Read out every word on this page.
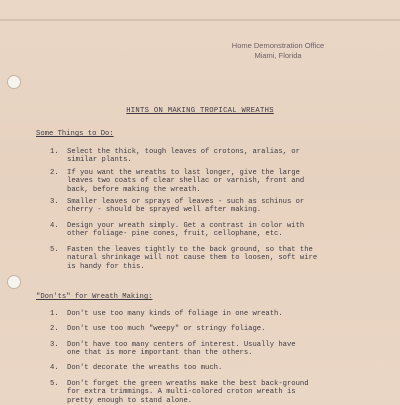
Home Demonstration Office
Miami, Florida
HINTS ON MAKING TROPICAL WREATHS
Some Things to Do:
1. Select the thick, tough leaves of crotons, aralias, or
similar plants.
2. If you want the wreaths to last longer, give the large
leaves two coats of clear shellac or varnish, front and
back, before making the wreath.
3. Smaller leaves or sprays of leaves - such as schinus or
cherry - should be sprayed well after making.
4. Design your wreath simply. Get a contrast in color with
other foliage- pine cones, fruit, cellophane, etc.
5. Fasten the leaves tightly to the back ground, so that the
natural shrinkage will not cause them to loosen, soft wire
is handy for this.
"Don'ts" for Wreath Making:
1. Don't use too many kinds of foliage in one wreath.
2. Don't use too much "weepy" or stringy foliage.
3. Don't have too many centers of interest. Usually have
one that is more important than the others.
4. Don't decorate the wreaths too much.
5. Don't forget the green wreaths make the best back-ground
for extra trimmings. A multi-colored croton wreath is
pretty enough to stand alone.
